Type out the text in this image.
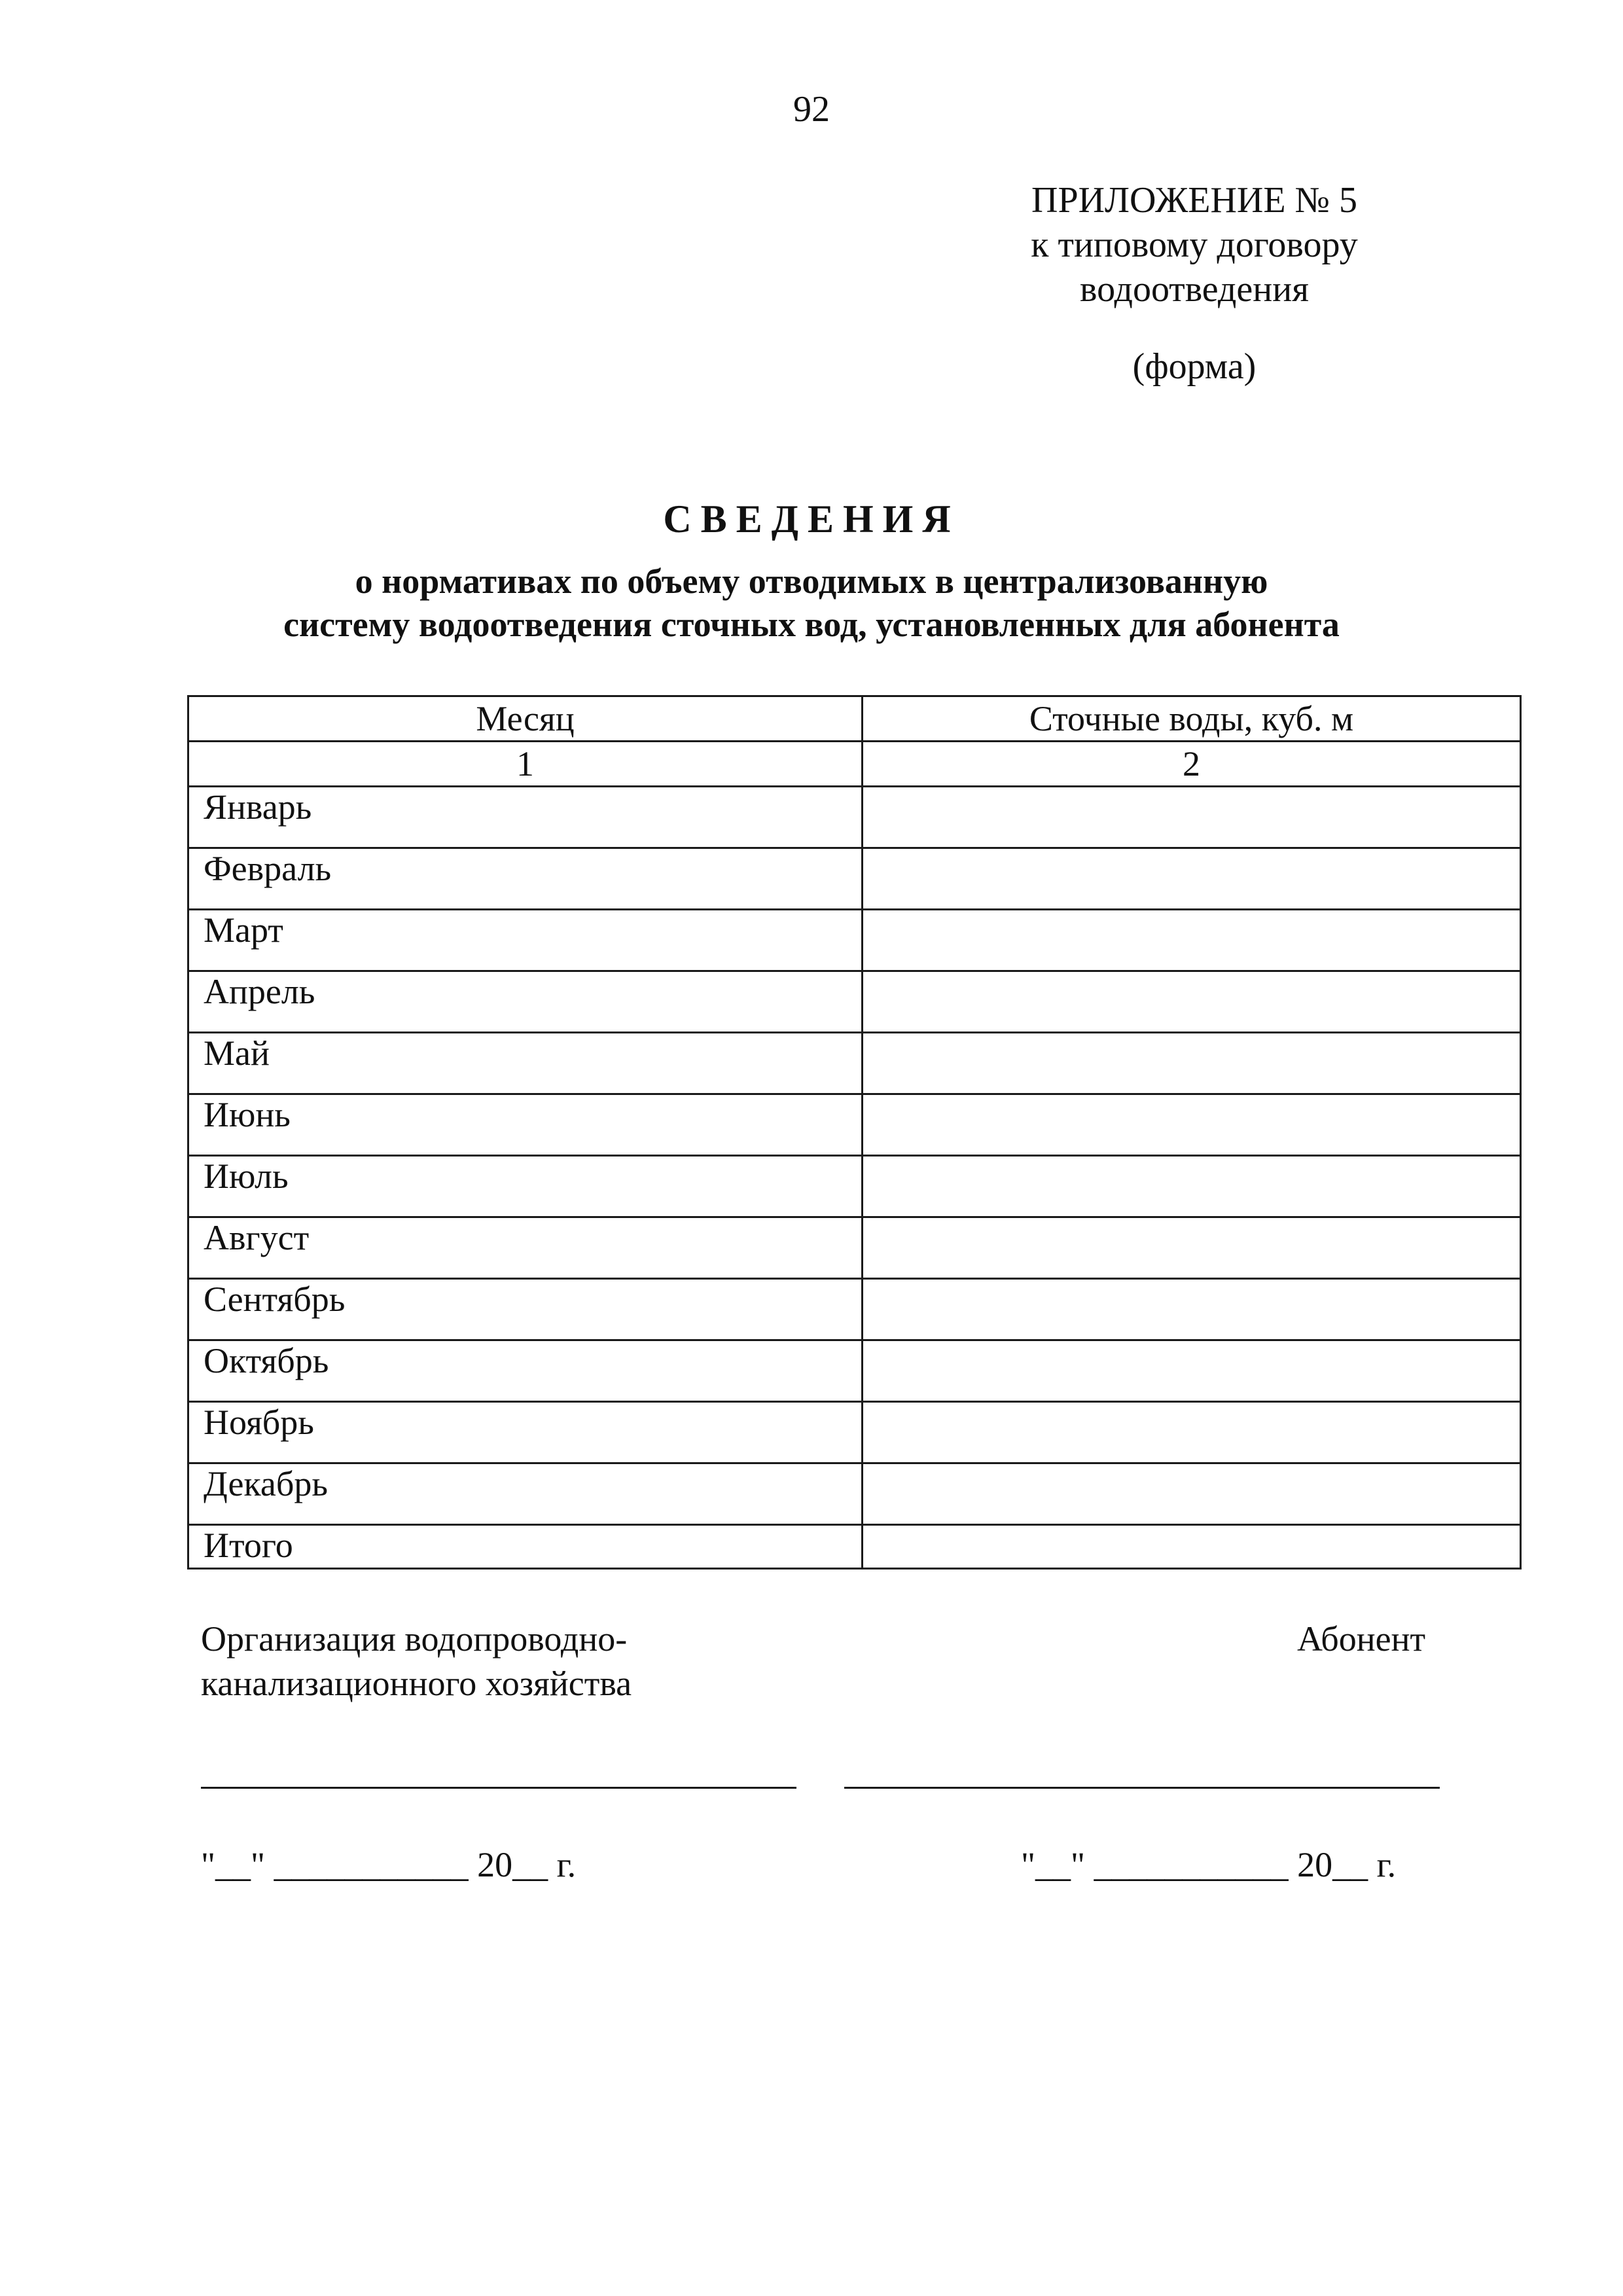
92
ПРИЛОЖЕНИЕ № 5
к типовому договору
водоотведения
(форма)
СВЕДЕНИЯ
о нормативах по объему отводимых в централизованную
систему водоотведения сточных вод, установленных для абонента
Месяц	Сточные воды, куб. м
1	2
Январь	
Февраль	
Март	
Апрель	
Май	
Июнь	
Июль	
Август	
Сентябрь	
Октябрь	
Ноябрь	
Декабрь	
Итого	
Организация водопроводно-
канализационного хозяйства
Абонент
"__" ___________ 20__ г.	"__" ___________ 20__ г.
